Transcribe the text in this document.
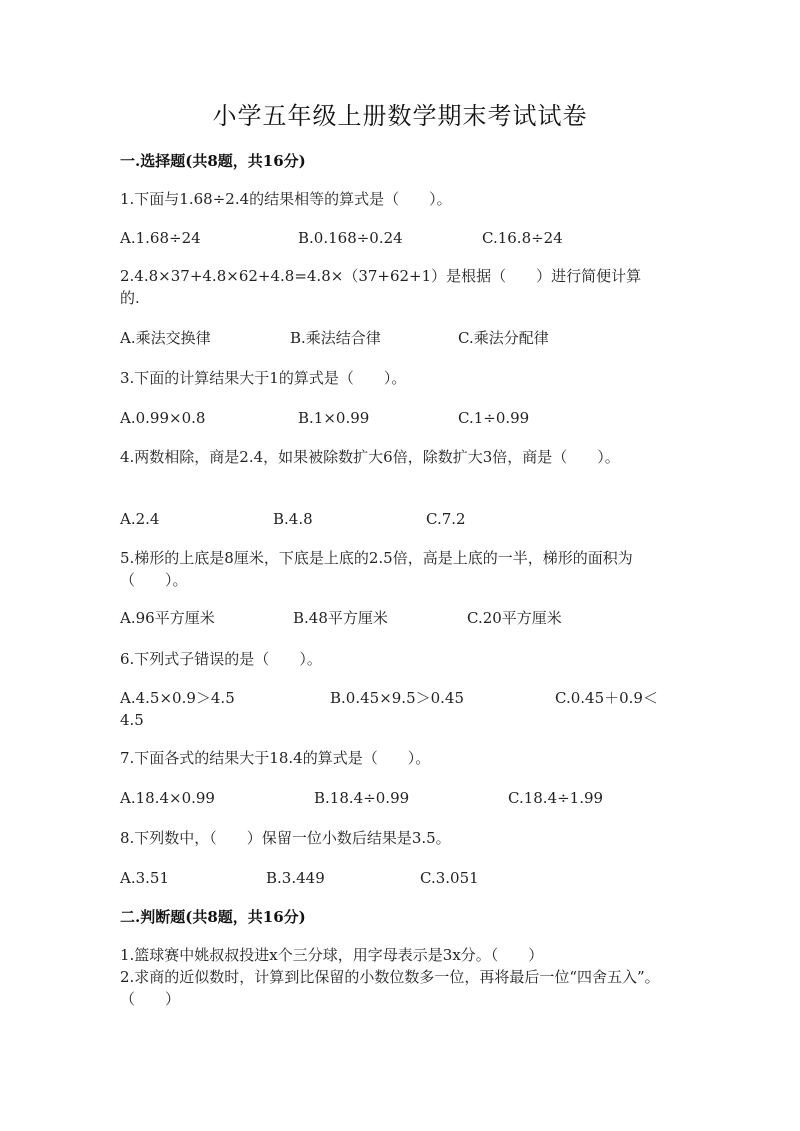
小学五年级上册数学期末考试试卷
一.选择题(共8题，共16分)
1.下面与1.68÷2.4的结果相等的算式是（　　）。
A.1.68÷24	B.0.168÷0.24	C.16.8÷24
2.4.8×37+4.8×62+4.8=4.8×（37+62+1）是根据（　　）进行简便计算的.
A.乘法交换律	B.乘法结合律	C.乘法分配律
3.下面的计算结果大于1的算式是（　　）。
A.0.99×0.8	B.1×0.99	C.1÷0.99
4.两数相除，商是2.4，如果被除数扩大6倍，除数扩大3倍，商是（　　）。
A.2.4	B.4.8	C.7.2
5.梯形的上底是8厘米，下底是上底的2.5倍，高是上底的一半，梯形的面积为（　　）。
A.96平方厘米	B.48平方厘米	C.20平方厘米
6.下列式子错误的是（　　）。
A.4.5×0.9＞4.5	B.0.45×9.5＞0.45	C.0.45＋0.9＜
4.5
7.下面各式的结果大于18.4的算式是（　　）。
A.18.4×0.99	B.18.4÷0.99	C.18.4÷1.99
8.下列数中，（　　）保留一位小数后结果是3.5。
A.3.51	B.3.449	C.3.051
二.判断题(共8题，共16分)
1.篮球赛中姚叔叔投进x个三分球，用字母表示是3x分。（　　）
2.求商的近似数时，计算到比保留的小数位数多一位，再将最后一位“四舍五入”。（　　）
